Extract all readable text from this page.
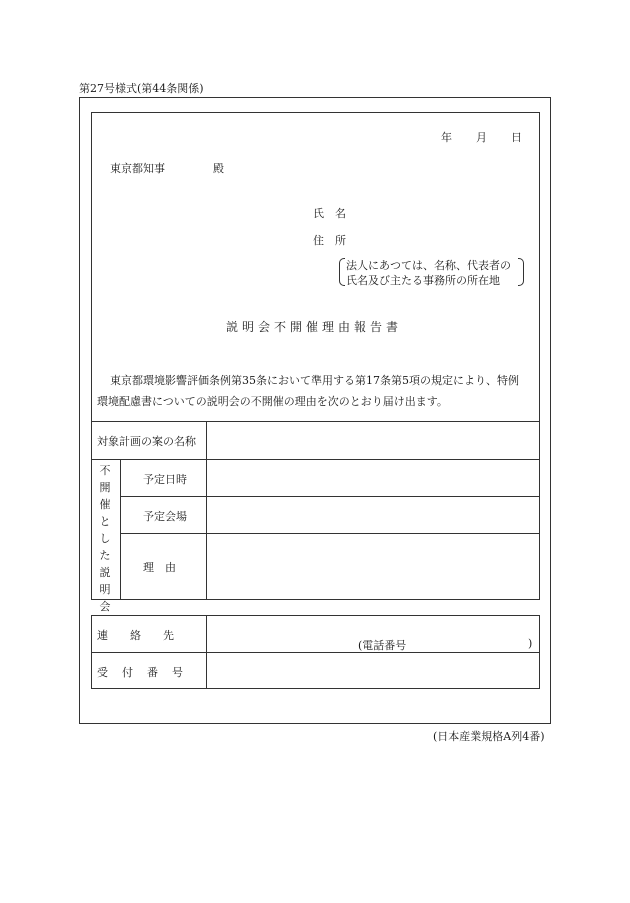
第27号様式(第44条関係)
年 月 日
東京都知事	殿
氏　名
住　所
法人にあつては、名称、代表者の
氏名及び主たる事務所の所在地
説明会不開催理由報告書
東京都環境影響評価条例第35条において準用する第17条第5項の規定により、特例
環境配慮書についての説明会の不開催の理由を次のとおり届け出ます。
対象計画の案の名称
不開催とした説明会
予定日時
予定会場
理　由
連絡先
(電話番号	)
受付番号
(日本産業規格A列4番)
